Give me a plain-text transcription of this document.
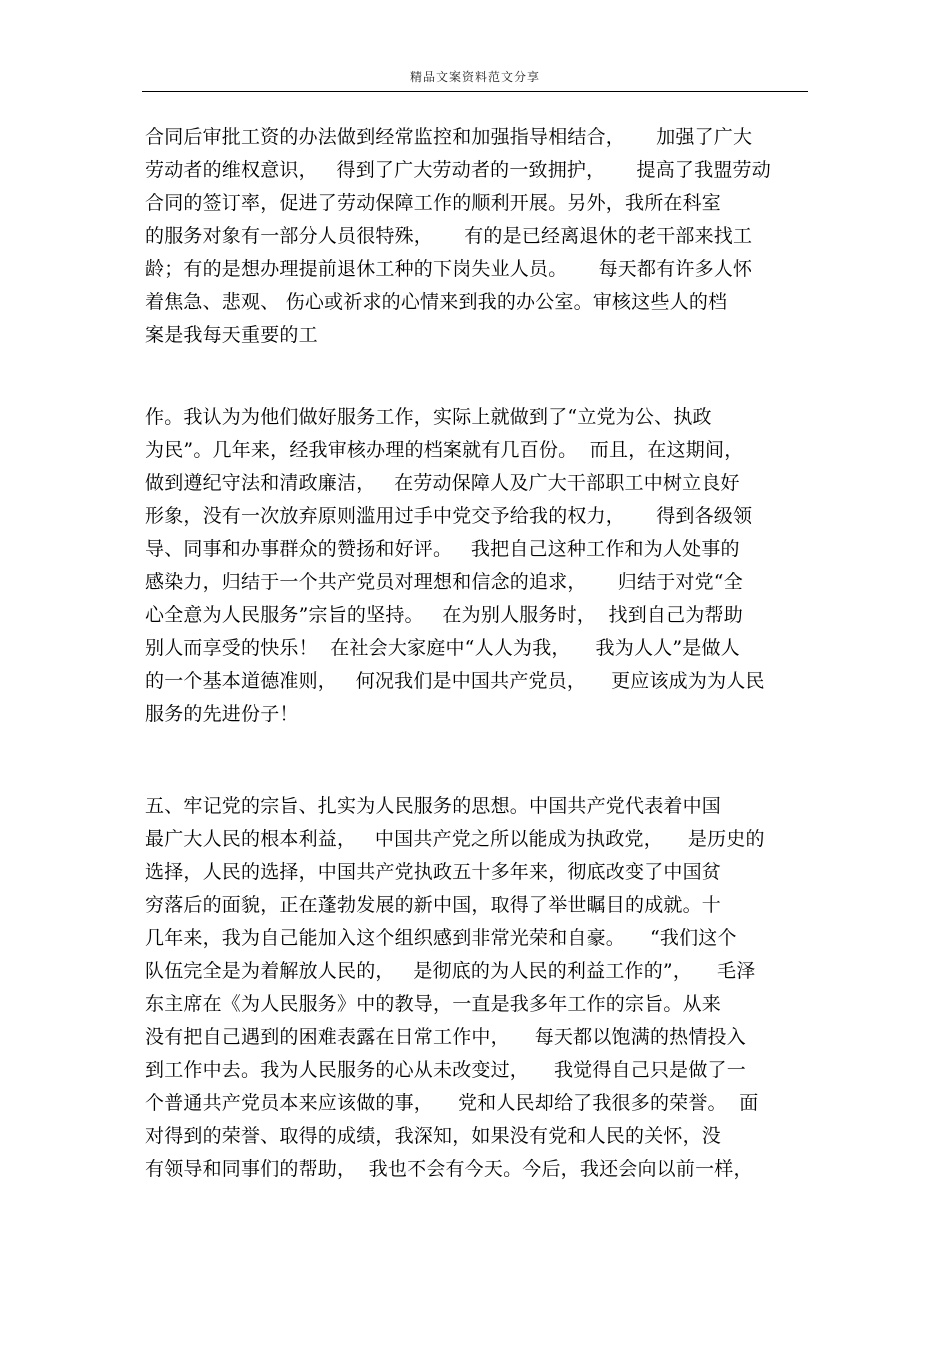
精品文案资料范文分享
合同后审批工资的办法做到经常监控和加强指导相结合，     加强了广大
劳动者的维权意识，   得到了广大劳动者的一致拥护，     提高了我盟劳动
合同的签订率，促进了劳动保障工作的顺利开展。另外，我所在科室
的服务对象有一部分人员很特殊，     有的是已经离退休的老干部来找工
龄；有的是想办理提前退休工种的下岗失业人员。     每天都有许多人怀
着焦急、悲观、 伤心或祈求的心情来到我的办公室。审核这些人的档
案是我每天重要的工
作。我认为为他们做好服务工作，实际上就做到了“立党为公、执政
为民”。几年来，经我审核办理的档案就有几百份。  而且，在这期间，
做到遵纪守法和清政廉洁，   在劳动保障人及广大干部职工中树立良好
形象，没有一次放弃原则滥用过手中党交予给我的权力，     得到各级领
导、同事和办事群众的赞扬和好评。   我把自己这种工作和为人处事的
感染力，归结于一个共产党员对理想和信念的追求，     归结于对党“全
心全意为人民服务”宗旨的坚持。   在为别人服务时，  找到自己为帮助
别人而享受的快乐！  在社会大家庭中“人人为我，    我为人人”是做人
的一个基本道德准则，   何况我们是中国共产党员，    更应该成为为人民
服务的先进份子！
五、牢记党的宗旨、扎实为人民服务的思想。中国共产党代表着中国
最广大人民的根本利益，   中国共产党之所以能成为执政党，    是历史的
选择，人民的选择，中国共产党执政五十多年来，彻底改变了中国贫
穷落后的面貌，正在蓬勃发展的新中国，取得了举世瞩目的成就。十
几年来，我为自己能加入这个组织感到非常光荣和自豪。    “我们这个
队伍完全是为着解放人民的，   是彻底的为人民的利益工作的”，    毛泽
东主席在《为人民服务》中的教导，一直是我多年工作的宗旨。从来
没有把自己遇到的困难表露在日常工作中，    每天都以饱满的热情投入
到工作中去。我为人民服务的心从未改变过，    我觉得自己只是做了一
个普通共产党员本来应该做的事，    党和人民却给了我很多的荣誉。  面
对得到的荣誉、取得的成绩，我深知，如果没有党和人民的关怀，没
有领导和同事们的帮助，  我也不会有今天。今后，我还会向以前一样，
